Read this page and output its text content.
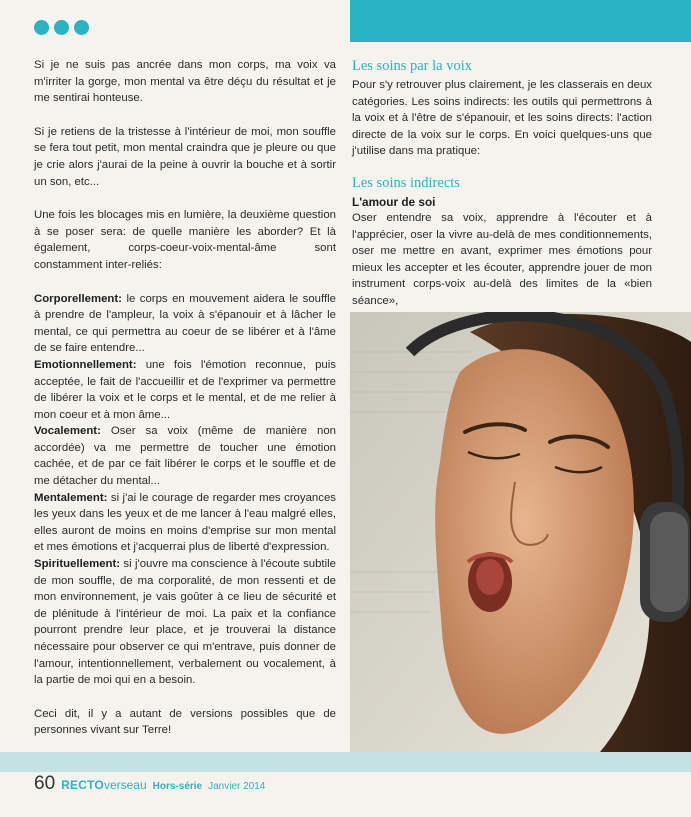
Si je ne suis pas ancrée dans mon corps, ma voix va m'irriter la gorge, mon mental va être déçu du résultat et je me sentirai honteuse.

Si je retiens de la tristesse à l'intérieur de moi, mon souffle se fera tout petit, mon mental craindra que je pleure ou que je crie alors j'aurai de la peine à ouvrir la bouche et à sortir un son, etc...

Une fois les blocages mis en lumière, la deuxième question à se poser sera: de quelle manière les aborder? Et là également, corps-coeur-voix-mental-âme sont constamment inter-reliés:

Corporellement: le corps en mouvement aidera le souffle à prendre de l'ampleur, la voix à s'épanouir et à lâcher le mental, ce qui permettra au coeur de se libérer et à l'âme de se faire entendre...

Emotionnellement: une fois l'émotion reconnue, puis acceptée, le fait de l'accueillir et de l'exprimer va permettre de libérer la voix et le corps et le mental, et de me relier à mon coeur et à mon âme...

Vocalement: Oser sa voix (même de manière non accordée) va me permettre de toucher une émotion cachée, et de par ce fait libérer le corps et le souffle et de me détacher du mental...

Mentalement: si j'ai le courage de regarder mes croyances les yeux dans les yeux et de me lancer à l'eau malgré elles, elles auront de moins en moins d'emprise sur mon mental et mes émotions et j'acquerrai plus de liberté d'expression.

Spirituellement: si j'ouvre ma conscience à l'écoute subtile de mon souffle, de ma corporalité, de mon ressenti et de mon environnement, je vais goûter à ce lieu de sécurité et de plénitude à l'intérieur de moi. La paix et la confiance pourront prendre leur place, et je trouverai la distance nécessaire pour observer ce qui m'entrave, puis donner de l'amour, intentionnellement, verbalement ou vocalement, à la partie de moi qui en a besoin.

Ceci dit, il y a autant de versions possibles que de personnes vivant sur Terre!

Les soins par la voix

Pour s'y retrouver plus clairement, je les classerais en deux catégories. Les soins indirects: les outils qui permettrons à la voix et à l'être de s'épanouir, et les soins directs: l'action directe de la voix sur le corps. En voici quelques-uns que j'utilise dans ma pratique:

Les soins indirects
L'amour de soi

Oser entendre sa voix, apprendre à l'écouter et à l'apprécier, oser la vivre au-delà de mes conditionnements, oser me mettre en avant, exprimer mes émotions pour mieux les accepter et les écouter, apprendre jouer de mon instrument corps-voix au-delà des limites de la «bien séance»,

60 RECTO verseau Hors-série Janvier 2014
